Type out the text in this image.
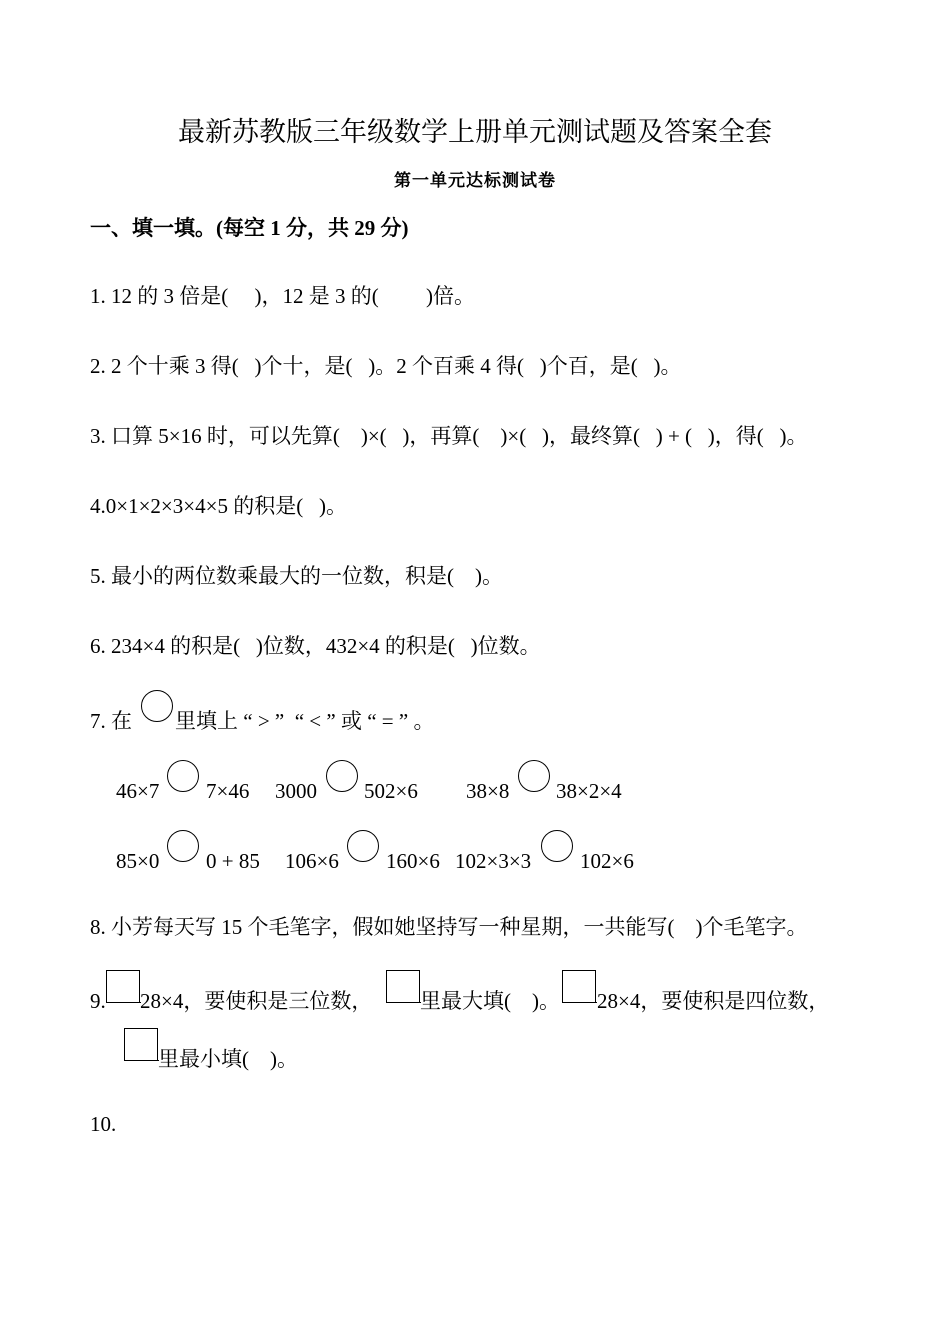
最新苏教版三年级数学上册单元测试题及答案全套
第一单元达标测试卷
一、填一填。(每空 1 分，共 29 分)
1. 12 的 3 倍是(     )，12 是 3 的(         )倍。
2. 2 个十乘 3 得(   )个十，是(   )。2 个百乘 4 得(   )个百，是(   )。
3. 口算 5×16 时，可以先算(    )×(   )，再算(    )×(   )，最终算(   ) + (   )，得(   )。
4.0×1×2×3×4×5 的积是(   )。
5. 最小的两位数乘最大的一位数，积是(    )。
6. 234×4 的积是(   )位数，432×4 的积是(   )位数。
7. 在 里填上 “ > ”  “ < ” 或 “ = ” 。
46×7 7×46 3000 502×6 38×8 38×2×4
85×0 0 + 85 106×6 160×6 102×3×3 102×6
8. 小芳每天写 15 个毛笔字，假如她坚持写一种星期，一共能写(    )个毛笔字。
9. 28×4，要使积是三位数， 里最大填(    )。 28×4，要使积是四位数，
里最小填(    )。
10.
